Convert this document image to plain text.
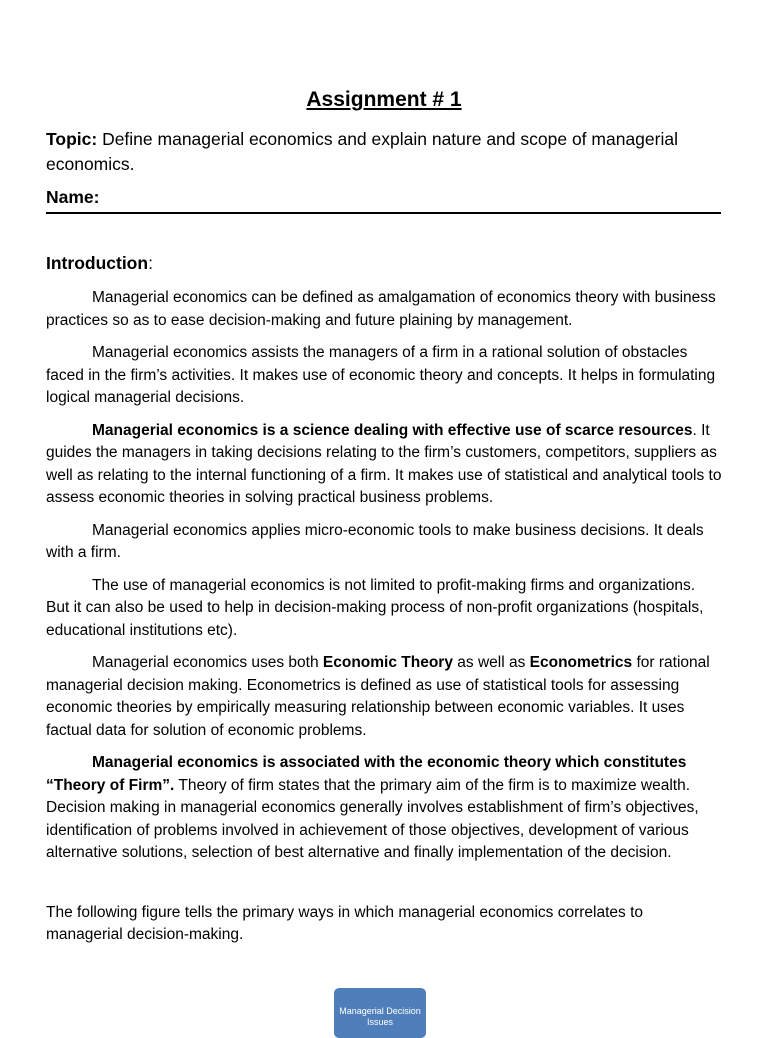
Assignment # 1
Topic: Define managerial economics and explain nature and scope of managerial economics.
Name:
Introduction:

Managerial economics can be defined as amalgamation of economics theory with business practices so as to ease decision-making and future plaining by management.

Managerial economics assists the managers of a firm in a rational solution of obstacles faced in the firm’s activities. It makes use of economic theory and concepts. It helps in formulating logical managerial decisions.

Managerial economics is a science dealing with effective use of scarce resources. It guides the managers in taking decisions relating to the firm’s customers, competitors, suppliers as well as relating to the internal functioning of a firm. It makes use of statistical and analytical tools to assess economic theories in solving practical business problems.

Managerial economics applies micro-economic tools to make business decisions. It deals with a firm.

The use of managerial economics is not limited to profit-making firms and organizations. But it can also be used to help in decision-making process of non-profit organizations (hospitals, educational institutions etc).

Managerial economics uses both Economic Theory as well as Econometrics for rational managerial decision making. Econometrics is defined as use of statistical tools for assessing economic theories by empirically measuring relationship between economic variables. It uses factual data for solution of economic problems.

Managerial economics is associated with the economic theory which constitutes “Theory of Firm”. Theory of firm states that the primary aim of the firm is to maximize wealth. Decision making in managerial economics generally involves establishment of firm’s objectives, identification of problems involved in achievement of those objectives, development of various alternative solutions, selection of best alternative and finally implementation of the decision.

The following figure tells the primary ways in which managerial economics correlates to managerial decision-making.

Managerial Decision Issues
